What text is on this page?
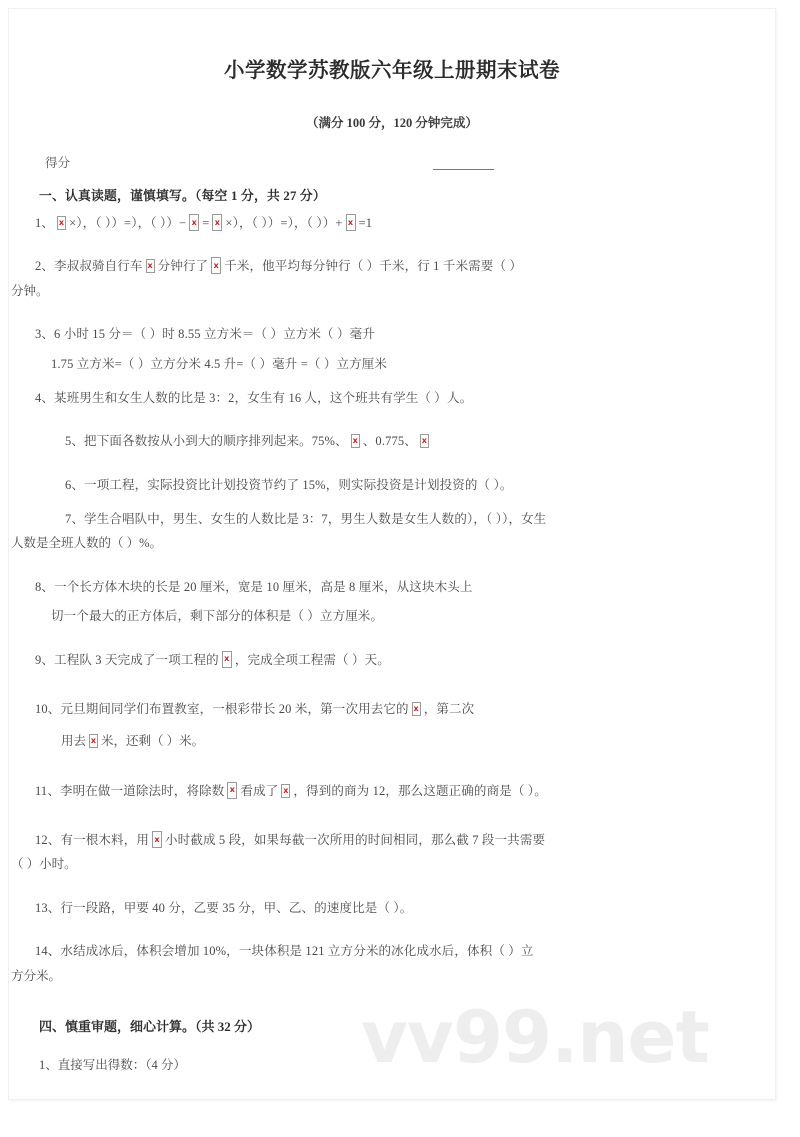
vv99.net
小学数学苏教版六年级上册期末试卷

（满分 100 分，120 分钟完成）

得分

一、认真读题，谨慎填写。（每空 1 分，共 27 分）

1、 x ×），（ ））=），（ ））− x = x ×），（ ））=），（ ））+ x =1

2、李叔叔骑自行车 x 分钟行了 x 千米，他平均每分钟行（ ）千米，行 1 千米需要（ ）

分钟。

3、6 小时 15 分＝（ ）时 8.55 立方米＝（ ）立方米（ ）毫升

1.75 立方米=（ ）立方分米 4.5 升=（ ）毫升 =（ ）立方厘米

4、某班男生和女生人数的比是 3：2，女生有 16 人，这个班共有学生（ ）人。

5、把下面各数按从小到大的顺序排列起来。75%、 x 、0.775、x

6、一项工程，实际投资比计划投资节约了 15%，则实际投资是计划投资的（ ）。

7、学生合唱队中，男生、女生的人数比是 3：7，男生人数是女生人数的），（ ）），女生

人数是全班人数的（ ）%。

8、一个长方体木块的长是 20 厘米，宽是 10 厘米，高是 8 厘米，从这块木头上

切一个最大的正方体后，剩下部分的体积是（ ）立方厘米。

9、工程队 3 天完成了一项工程的 x ，完成全项工程需（ ）天。

10、元旦期间同学们布置教室，一根彩带长 20 米，第一次用去它的 x ，第二次

用去 x 米，还剩（ ）米。

11、李明在做一道除法时，将除数 x 看成了 x ，得到的商为 12，那么这题正确的商是（ ）。

12、有一根木料，用 x 小时截成 5 段，如果每截一次所用的时间相同，那么截 7 段一共需要

（ ）小时。

13、行一段路，甲要 40 分，乙要 35 分，甲、乙、的速度比是（ ）。

14、水结成冰后，体积会增加 10%，一块体积是 121 立方分米的冰化成水后，体积（ ）立

方分米。

四、慎重审题，细心计算。（共 32 分）

1、直接写出得数：（4 分）
